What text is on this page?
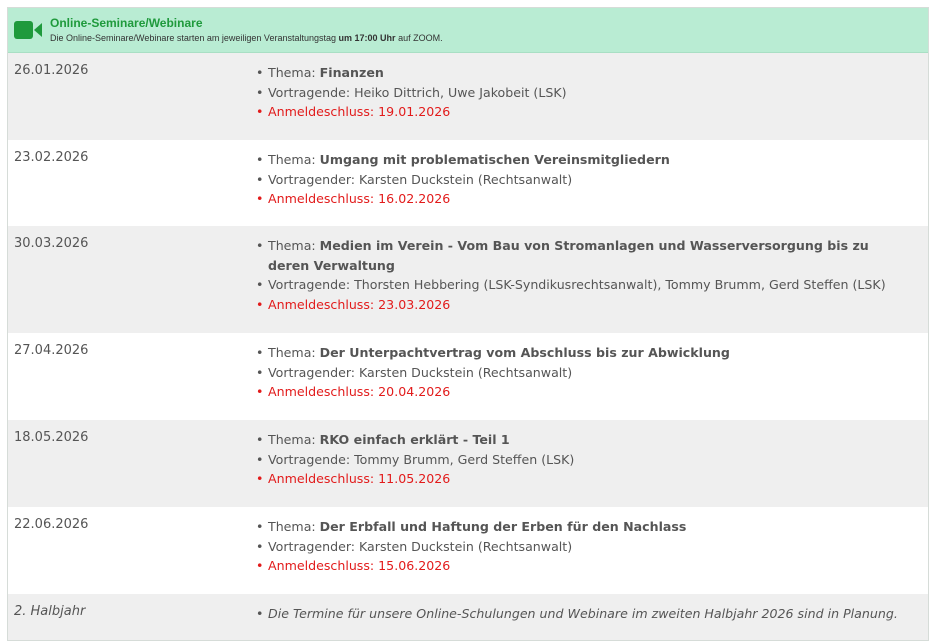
Online-Seminare/Webinare
Die Online-Seminare/Webinare starten am jeweiligen Veranstaltungstag um 17:00 Uhr auf ZOOM.
26.01.2026	• Thema: Finanzen
• Vortragende: Heiko Dittrich, Uwe Jakobeit (LSK)
• Anmeldeschluss: 19.01.2026
23.02.2026	• Thema: Umgang mit problematischen Vereinsmitgliedern
• Vortragender: Karsten Duckstein (Rechtsanwalt)
• Anmeldeschluss: 16.02.2026
30.03.2026	• Thema: Medien im Verein - Vom Bau von Stromanlagen und Wasserversorgung bis zu deren Verwaltung
• Vortragende: Thorsten Hebbering (LSK-Syndikusrechtsanwalt), Tommy Brumm, Gerd Steffen (LSK)
• Anmeldeschluss: 23.03.2026
27.04.2026	• Thema: Der Unterpachtvertrag vom Abschluss bis zur Abwicklung
• Vortragender: Karsten Duckstein (Rechtsanwalt)
• Anmeldeschluss: 20.04.2026
18.05.2026	• Thema: RKO einfach erklärt - Teil 1
• Vortragende: Tommy Brumm, Gerd Steffen (LSK)
• Anmeldeschluss: 11.05.2026
22.06.2026	• Thema: Der Erbfall und Haftung der Erben für den Nachlass
• Vortragender: Karsten Duckstein (Rechtsanwalt)
• Anmeldeschluss: 15.06.2026
2. Halbjahr	• Die Termine für unsere Online-Schulungen und Webinare im zweiten Halbjahr 2026 sind in Planung.
